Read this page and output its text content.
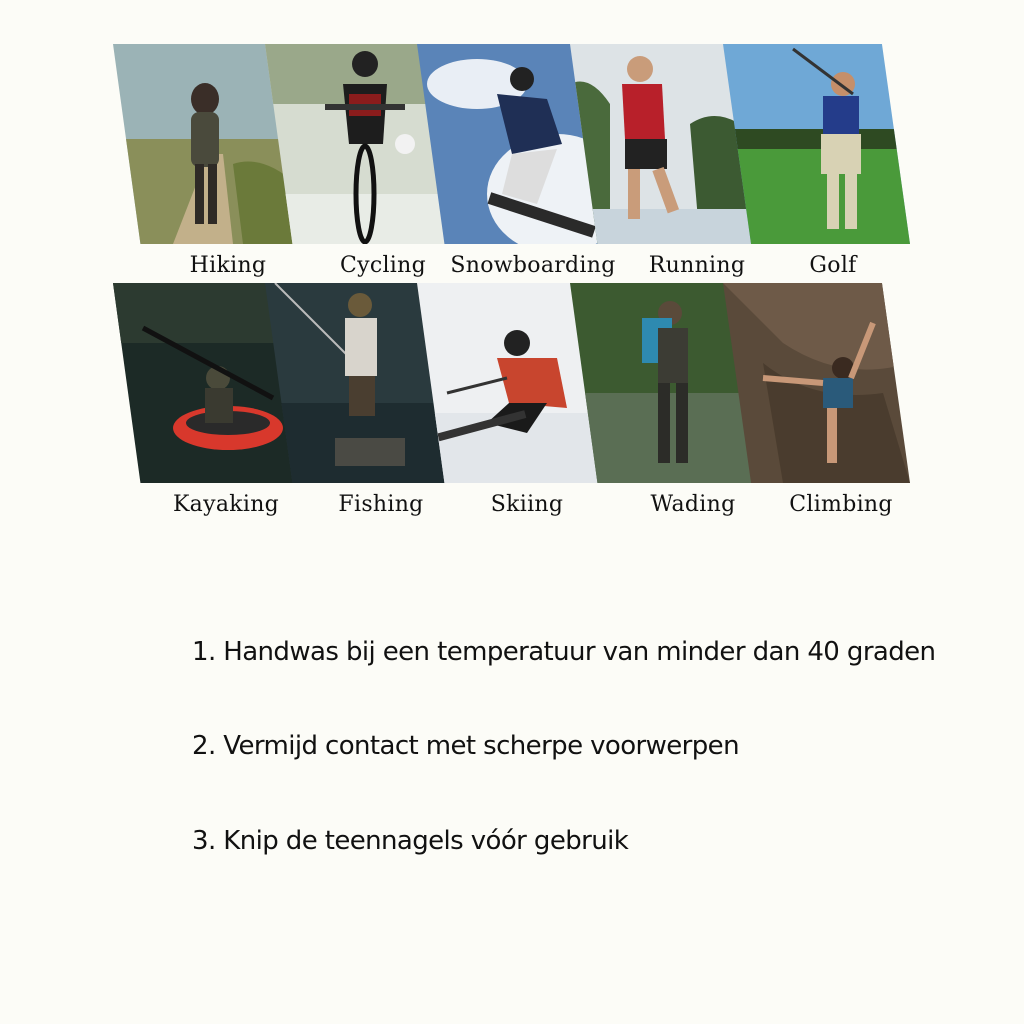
Hiking	Cycling Snowboarding Running	Golf
Kayaking	Fishing	Skiing	Wading Climbing
1. Handwas bij een temperatuur van minder dan 40 graden
2. Vermijd contact met scherpe voorwerpen
3. Knip de teennagels vóór gebruik
